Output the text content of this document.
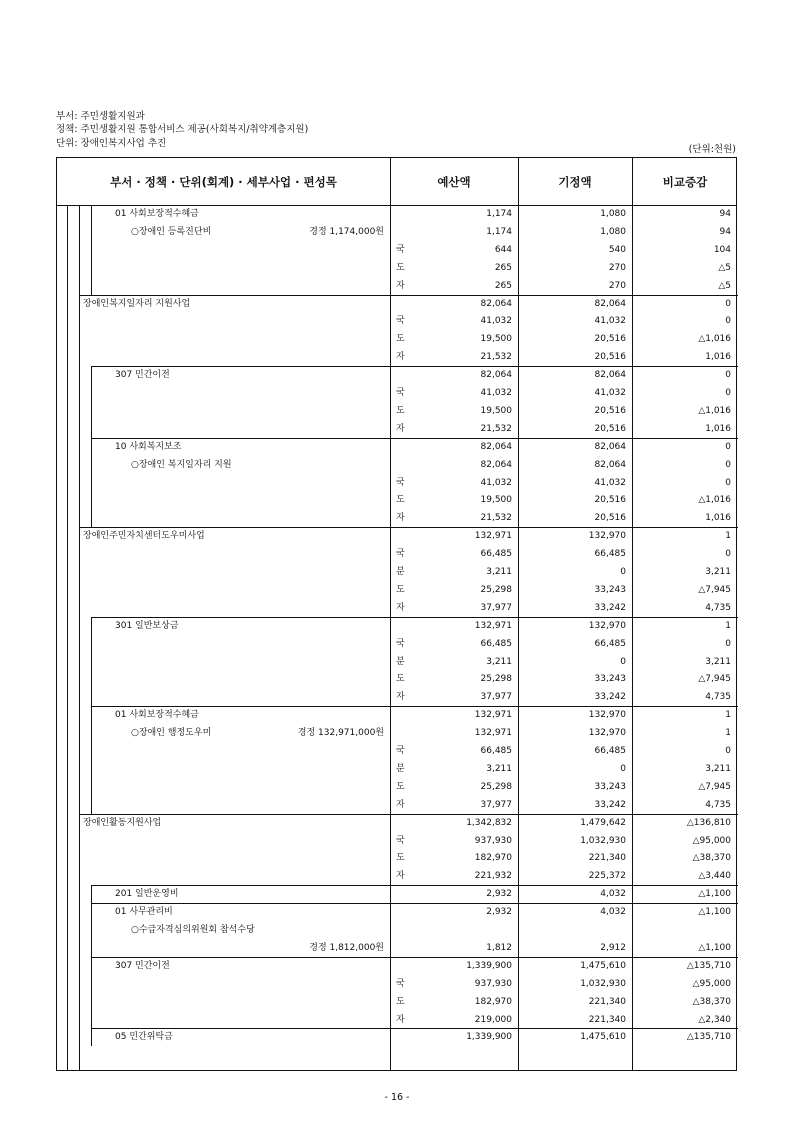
부서: 주민생활지원과
정책: 주민생활지원 통합서비스 제공(사회복지/취약계층지원)
단위: 장애인복지사업 추진
(단위:천원)
부서 · 정책 · 단위(회계) · 세부사업 · 편성목	예산액	기정액	비교증감
01 사회보장적수혜금	1,174	1,080	94
○장애인 등록진단비	경정 1,174,000원	1,174	1,080	94
국	644	540	104
도	265	270	△5
자	265	270	△5
장애인복지일자리 지원사업	82,064	82,064	0
국	41,032	41,032	0
도	19,500	20,516	△1,016
자	21,532	20,516	1,016
307 민간이전	82,064	82,064	0
국	41,032	41,032	0
도	19,500	20,516	△1,016
자	21,532	20,516	1,016
10 사회복지보조	82,064	82,064	0
○장애인 복지일자리 지원	82,064	82,064	0
국	41,032	41,032	0
도	19,500	20,516	△1,016
자	21,532	20,516	1,016
장애인주민자치센터도우미사업	132,971	132,970	1
국	66,485	66,485	0
분	3,211	0	3,211
도	25,298	33,243	△7,945
자	37,977	33,242	4,735
301 일반보상금	132,971	132,970	1
국	66,485	66,485	0
분	3,211	0	3,211
도	25,298	33,243	△7,945
자	37,977	33,242	4,735
01 사회보장적수혜금	132,971	132,970	1
○장애인 행정도우미	경정 132,971,000원	132,971	132,970	1
국	66,485	66,485	0
분	3,211	0	3,211
도	25,298	33,243	△7,945
자	37,977	33,242	4,735
장애인활동지원사업	1,342,832	1,479,642	△136,810
국	937,930	1,032,930	△95,000
도	182,970	221,340	△38,370
자	221,932	225,372	△3,440
201 일반운영비	2,932	4,032	△1,100
01 사무관리비	2,932	4,032	△1,100
○수급자격심의위원회 참석수당
경정 1,812,000원	1,812	2,912	△1,100
307 민간이전	1,339,900	1,475,610	△135,710
국	937,930	1,032,930	△95,000
도	182,970	221,340	△38,370
자	219,000	221,340	△2,340
05 민간위탁금	1,339,900	1,475,610	△135,710
- 16 -
